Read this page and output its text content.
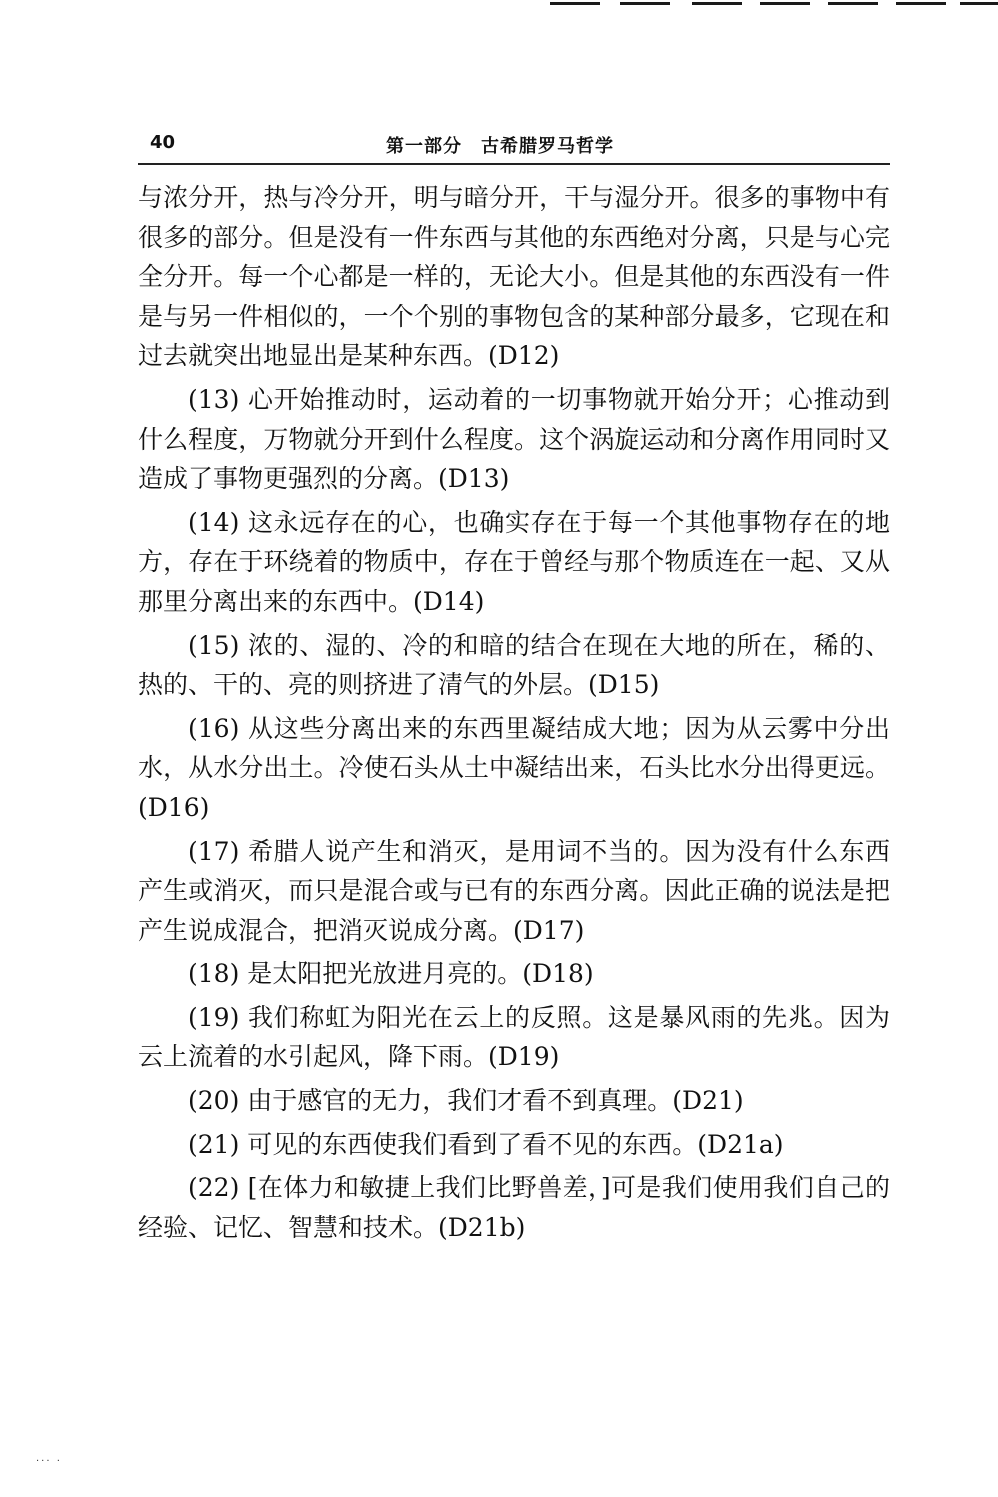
40	第一部分　古希腊罗马哲学

与浓分开，热与冷分开，明与暗分开，干与湿分开。很多的事物中有很多的部分。但是没有一件东西与其他的东西绝对分离，只是与心完全分开。每一个心都是一样的，无论大小。但是其他的东西没有一件是与另一件相似的，一个个别的事物包含的某种部分最多，它现在和过去就突出地显出是某种东西。(D12)

(13) 心开始推动时，运动着的一切事物就开始分开；心推动到什么程度，万物就分开到什么程度。这个涡旋运动和分离作用同时又造成了事物更强烈的分离。(D13)

(14) 这永远存在的心，也确实存在于每一个其他事物存在的地方，存在于环绕着的物质中，存在于曾经与那个物质连在一起、又从那里分离出来的东西中。(D14)

(15) 浓的、湿的、冷的和暗的结合在现在大地的所在，稀的、热的、干的、亮的则挤进了清气的外层。(D15)

(16) 从这些分离出来的东西里凝结成大地；因为从云雾中分出水，从水分出土。冷使石头从土中凝结出来，石头比水分出得更远。(D16)

(17) 希腊人说产生和消灭，是用词不当的。因为没有什么东西产生或消灭，而只是混合或与已有的东西分离。因此正确的说法是把产生说成混合，把消灭说成分离。(D17)

(18) 是太阳把光放进月亮的。(D18)

(19) 我们称虹为阳光在云上的反照。这是暴风雨的先兆。因为云上流着的水引起风，降下雨。(D19)

(20) 由于感官的无力，我们才看不到真理。(D21)

(21) 可见的东西使我们看到了看不见的东西。(D21a)

(22) [在体力和敏捷上我们比野兽差，]可是我们使用我们自己的经验、记忆、智慧和技术。(D21b)

··· ·
